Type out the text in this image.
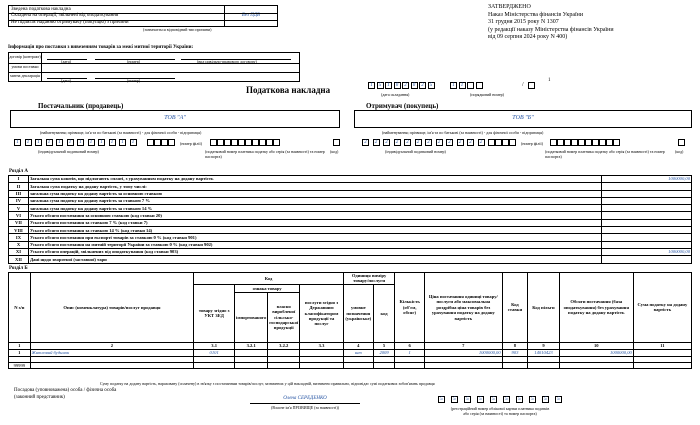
Зведена податкова накладна
Складена на операції, звільнені від оподаткування	Без ПДВ
Не підлягає наданню отримувачу (покупцю) з причини
(зазначається відповідний тип причини)
Інформація про поставки з вивезенням товарів за межі митної території України:
договір (контракт)
умови поставки
митна декларація
(дата)	(номер)	(вид цивільно-правового договору)
(дата)	(номер)
ЗАТВЕРДЖЕНО
Наказ Міністерства фінансів України
31 грудня 2015 року N 1307
(у редакції наказу Міністерства фінансів України
від 09 серпня 2024 року N 400)
Податкова накладна	1	5	1	0	2	0	2	5
(дата складання)
1	1	/
1
(порядковий номер)
Постачальник (продавець)
ТОВ "А"
(найменування; прізвище, ім'я та по батькові (за наявності) - для фізичної особи - підприємця)
1	1	1	1	1	1	1	1	1	1	1	1
(індивідуальний податковий номер)
(номер філії)
(податковий номер платника податку або серія (за наявності) та номер паспорта)
(код)
Отримувач (покупець)
ТОВ "Б"
(найменування; прізвище, ім'я та по батькові (за наявності) - для фізичної особи - підприємця)
2	2	2	2	2	2	2	2	2	2	2	2
(індивідуальний податковий номер)
(номер філії)
(податковий номер платника податку або серія (за наявності) та номер паспорта)
(код)
Розділ А
I	Загальна сума коштів, що підлягають сплаті, з урахуванням податку на додану вартість	1000000,00
II	Загальна сума податку на додану вартість, у тому числі:	
III	загальна сума податку на додану вартість за основною ставкою	
IV	загальна сума податку на додану вартість за ставкою 7 %	
V	загальна сума податку на додану вартість за ставкою 14 %	
VI	Усього обсяги постачання за основною ставкою (код ставки 20)	
VII	Усього обсяги постачання за ставкою 7 % (код ставки 7)	
VIII	Усього обсяги постачання за ставкою 14 % (код ставки 14)	
IX	Усього обсяги постачання при експорті товарів за ставкою 0 % (код ставки 901)	
X	Усього обсяги постачання на митній території України за ставкою 0 % (код ставки 902)	
XI	Усього обсяги операцій, звільнених від оподаткування (код ставки 903)	1000000,00
XII	Дані щодо зворотної (заставної) тари	
Розділ Б
N з/п	Опис (номенклатура) товарів/послуг продавця	Код				Одиниця виміру товару/послуги		Кількість (об'єм, обсяг)	Ціна постачання одиниці товару/послуги або максимальна роздрібна ціна товарів без урахування податку на додану вартість	Код ставки	Код пільги	Обсяги постачання (база оподаткування) без урахування податку на додану вартість	Сума податку на додану вартість
		товару згідно з УКТ ЗЕД	ознака товару		послуги згідно з Державним класифікатором продукції та послуг	умовне позначення (українське)	код						
			імпортованого	власно виробленої сільсько-господарської продукції									
1	2	3.1	3.2.1	3.2.2	3.3	4	5	6	7	8	9	10	11
1	Житловий будинок	0101				шт	2009	1	1000000,00	903	14010423	1000000,00	

99999													
Суму податку на додану вартість, нараховану (сплачену) в зв'язку з постачанням товарів/послуг, зазначених у цій накладній, визначено правильно, відповідає сумі податкових зобов'язань продавця
Посадова (уповноважена) особа / фізична особа
(законний представник)	Олена СЕРЕДЕНКО
(Власне ім'я ПРІЗВИЩЕ (за наявності))
5	5	5	5	5	5	5	5	5	5
(реєстраційний номер облікової картки платника податків
або серія (за наявності) та номер паспорта)
